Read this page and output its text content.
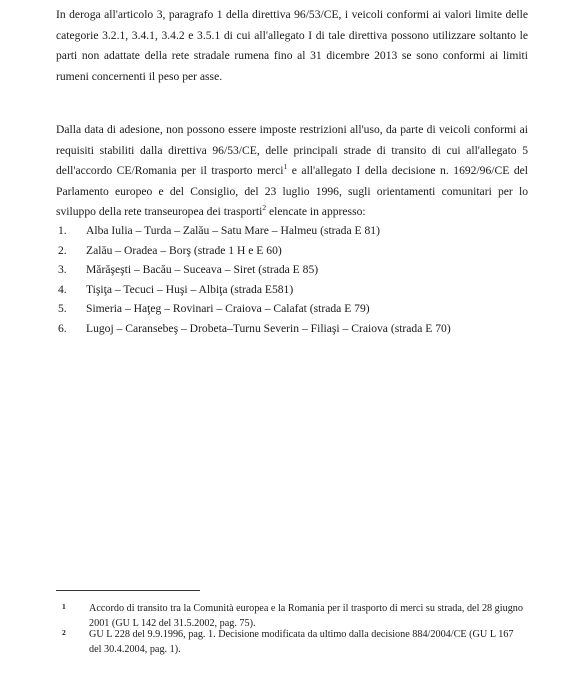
In deroga all'articolo 3, paragrafo 1 della direttiva 96/53/CE, i veicoli conformi ai valori limite delle categorie 3.2.1, 3.4.1, 3.4.2 e 3.5.1 di cui all'allegato I di tale direttiva possono utilizzare soltanto le parti non adattate della rete stradale rumena fino al 31 dicembre 2013 se sono conformi ai limiti rumeni concernenti il peso per asse.

Dalla data di adesione, non possono essere imposte restrizioni all'uso, da parte di veicoli conformi ai requisiti stabiliti dalla direttiva 96/53/CE, delle principali strade di transito di cui all'allegato 5 dell'accordo CE/Romania per il trasporto merci$^1$ e all'allegato I della decisione n. 1692/96/CE del Parlamento europeo e del Consiglio, del 23 luglio 1996, sugli orientamenti comunitari per lo sviluppo della rete transeuropea dei trasporti$^2$ elencate in appresso:

1.	Alba Iulia – Turda – Zalău – Satu Mare – Halmeu (strada E 81)
2.	Zalău – Oradea – Borş (strade 1 H e E 60)
3.	Mărăşeşti – Bacău – Suceava – Siret (strada E 85)
4.	Tişiţa – Tecuci – Huşi – Albiţa (strada E581)
5.	Simeria – Haţeg – Rovinari – Craiova – Calafat (strada E 79)
6.	Lugoj – Caransebeş – Drobeta–Turnu Severin – Filiaşi – Craiova (strada E 70)
1	Accordo di transito tra la Comunità europea e la Romania per il trasporto di merci su strada, del 28 giugno 2001 (GU L 142 del 31.5.2002, pag. 75).
2	GU L 228 del 9.9.1996, pag. 1. Decisione modificata da ultimo dalla decisione 884/2004/CE (GU L 167 del 30.4.2004, pag. 1).
